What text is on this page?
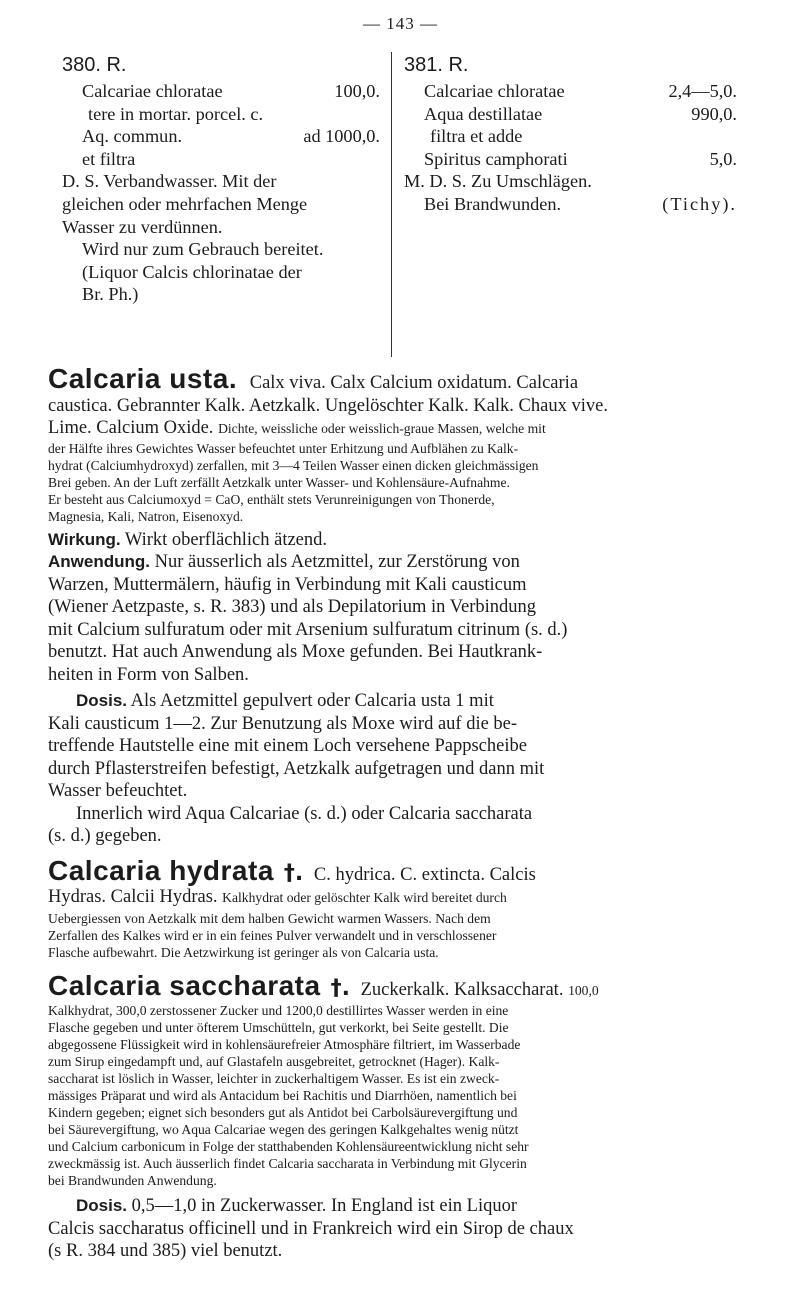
— 143 —

380. R.

Calcariae chloratae	100,0.

tere in mortar. porcel. c.

Aq. commun.	ad 1000,0.

et filtra

D. S. Verbandwasser. Mit der

gleichen oder mehrfachen Menge

Wasser zu verdünnen.

Wird nur zum Gebrauch bereitet.

(Liquor Calcis chlorinatae der

Br. Ph.)

381. R.

Calcariae chloratae	2,4—5,0.

Aqua destillatae	990,0.

filtra et adde

Spiritus camphorati	5,0.

M. D. S. Zu Umschlägen.

Bei Brandwunden.	(Tichy).

Calcaria usta. Calx viva. Calx Calcium oxidatum. Calcaria

caustica. Gebrannter Kalk. Aetzkalk. Ungelöschter Kalk. Kalk. Chaux vive.

Lime. Calcium Oxide. Dichte, weissliche oder weisslich-graue Massen, welche mit

der Hälfte ihres Gewichtes Wasser befeuchtet unter Erhitzung und Aufblähen zu Kalk-

hydrat (Calciumhydroxyd) zerfallen, mit 3—4 Teilen Wasser einen dicken gleichmässigen

Brei geben. An der Luft zerfällt Aetzkalk unter Wasser- und Kohlensäure-Aufnahme.

Er besteht aus Calciumoxyd = CaO, enthält stets Verunreinigungen von Thonerde,

Magnesia, Kali, Natron, Eisenoxyd.

Wirkung. Wirkt oberflächlich ätzend.

Anwendung. Nur äusserlich als Aetzmittel, zur Zerstörung von

Warzen, Muttermälern, häufig in Verbindung mit Kali causticum

(Wiener Aetzpaste, s. R. 383) und als Depilatorium in Verbindung

mit Calcium sulfuratum oder mit Arsenium sulfuratum citrinum (s. d.)

benutzt. Hat auch Anwendung als Moxe gefunden. Bei Hautkrank-

heiten in Form von Salben.

Dosis. Als Aetzmittel gepulvert oder Calcaria usta 1 mit

Kali causticum 1—2. Zur Benutzung als Moxe wird auf die be-

treffende Hautstelle eine mit einem Loch versehene Pappscheibe

durch Pflasterstreifen befestigt, Aetzkalk aufgetragen und dann mit

Wasser befeuchtet.

Innerlich wird Aqua Calcariae (s. d.) oder Calcaria saccharata

(s. d.) gegeben.

Calcaria hydrata †. C. hydrica. C. extincta. Calcis

Hydras. Calcii Hydras. Kalkhydrat oder gelöschter Kalk wird bereitet durch

Uebergiessen von Aetzkalk mit dem halben Gewicht warmen Wassers. Nach dem

Zerfallen des Kalkes wird er in ein feines Pulver verwandelt und in verschlossener

Flasche aufbewahrt. Die Aetzwirkung ist geringer als von Calcaria usta.

Calcaria saccharata †. Zuckerkalk. Kalksaccharat. 100,0

Kalkhydrat, 300,0 zerstossener Zucker und 1200,0 destillirtes Wasser werden in eine

Flasche gegeben und unter öfterem Umschütteln, gut verkorkt, bei Seite gestellt. Die

abgegossene Flüssigkeit wird in kohlensäurefreier Atmosphäre filtriert, im Wasserbade

zum Sirup eingedampft und, auf Glastafeln ausgebreitet, getrocknet (Hager). Kalk-

saccharat ist löslich in Wasser, leichter in zuckerhaltigem Wasser. Es ist ein zweck-

mässiges Präparat und wird als Antacidum bei Rachitis und Diarrhöen, namentlich bei

Kindern gegeben; eignet sich besonders gut als Antidot bei Carbolsäurevergiftung und

bei Säurevergiftung, wo Aqua Calcariae wegen des geringen Kalkgehaltes wenig nützt

und Calcium carbonicum in Folge der statthabenden Kohlensäureentwicklung nicht sehr

zweckmässig ist. Auch äusserlich findet Calcaria saccharata in Verbindung mit Glycerin

bei Brandwunden Anwendung.

Dosis. 0,5—1,0 in Zuckerwasser. In England ist ein Liquor

Calcis saccharatus officinell und in Frankreich wird ein Sirop de chaux

(s R. 384 und 385) viel benutzt.
